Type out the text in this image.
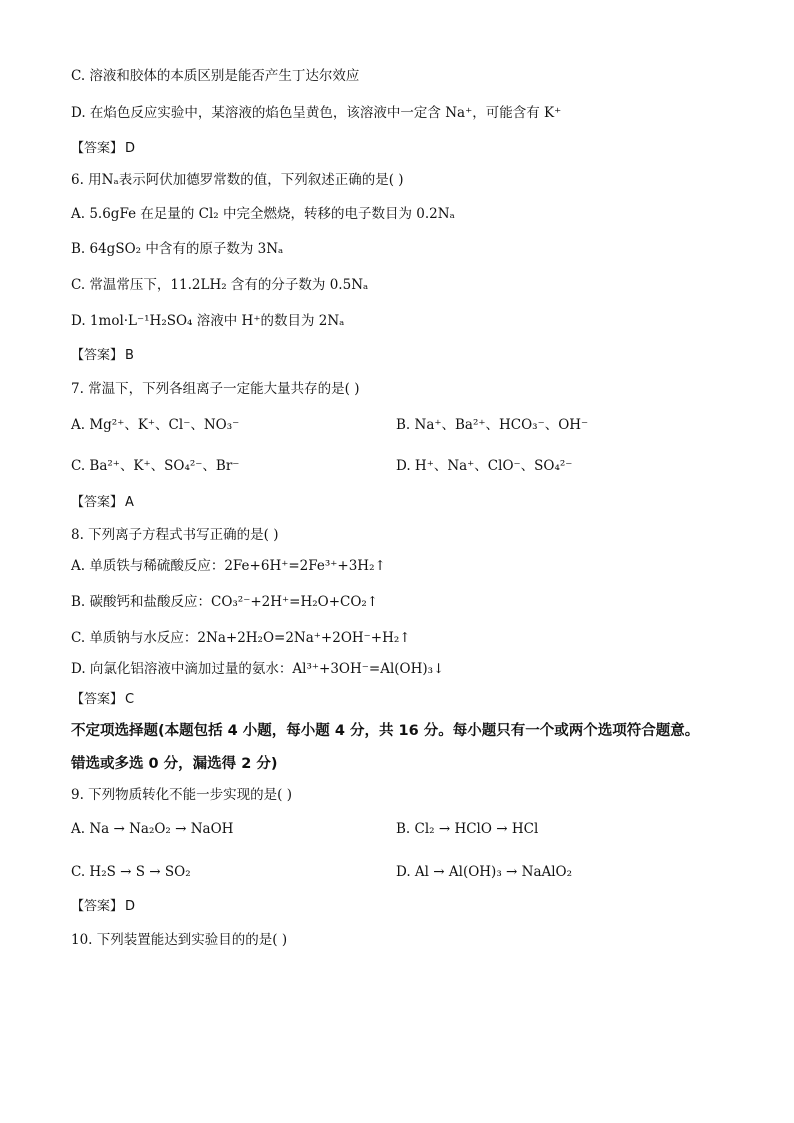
C. 溶液和胶体的本质区别是能否产生丁达尔效应
D. 在焰色反应实验中，某溶液的焰色呈黄色，该溶液中一定含 Na⁺，可能含有 K⁺
【答案】 D
6. 用Nₐ表示阿伏加德罗常数的值，下列叙述正确的是( )
A. 5.6gFe 在足量的 Cl₂ 中完全燃烧，转移的电子数目为 0.2Nₐ
B. 64gSO₂ 中含有的原子数为 3Nₐ
C. 常温常压下，11.2LH₂ 含有的分子数为 0.5Nₐ
D. 1mol·L⁻¹H₂SO₄ 溶液中 H⁺的数目为 2Nₐ
【答案】 B
7. 常温下，下列各组离子一定能大量共存的是( )
A. Mg²⁺、K⁺、Cl⁻、NO₃⁻	B. Na⁺、Ba²⁺、HCO₃⁻、OH⁻
C. Ba²⁺、K⁺、SO₄²⁻、Br⁻	D. H⁺、Na⁺、ClO⁻、SO₄²⁻
【答案】 A
8. 下列离子方程式书写正确的是( )
A. 单质铁与稀硫酸反应：2Fe+6H⁺=2Fe³⁺+3H₂↑
B. 碳酸钙和盐酸反应：CO₃²⁻+2H⁺=H₂O+CO₂↑
C. 单质钠与水反应：2Na+2H₂O=2Na⁺+2OH⁻+H₂↑
D. 向氯化铝溶液中滴加过量的氨水：Al³⁺+3OH⁻=Al(OH)₃↓
【答案】 C
不定项选择题(本题包括 4 小题，每小题 4 分，共 16 分。每小题只有一个或两个选项符合题意。
错选或多选 0 分，漏选得 2 分)
9. 下列物质转化不能一步实现的是( )
A. Na → Na₂O₂ → NaOH	B. Cl₂ → HClO → HCl
C. H₂S → S → SO₂	D. Al → Al(OH)₃ → NaAlO₂
【答案】 D
10. 下列装置能达到实验目的的是( )
